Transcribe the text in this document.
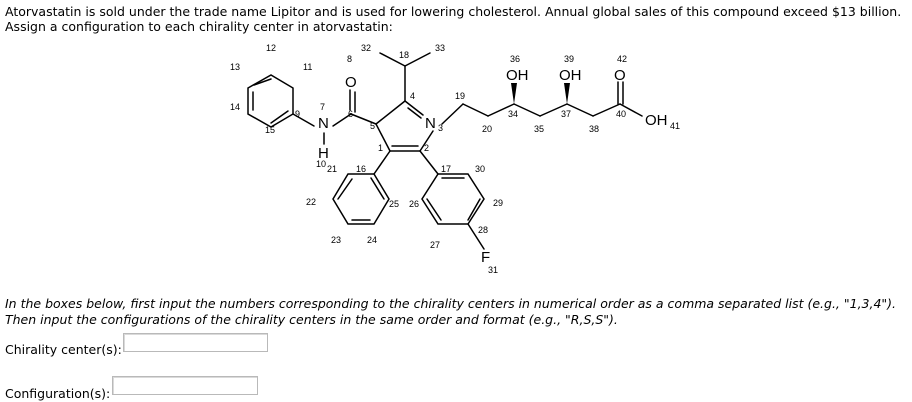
Atorvastatin is sold under the trade name Lipitor and is used for lowering cholesterol. Annual global sales of this compound exceed $13 billion. Assign a configuration to each chirality center in atorvastatin:

N
H
O
N
OH OH O
OH
F
12
13	11
14
9
7
15
10
8
6
32
18
33
4
5
1	2
3
19
20
36
34
35
39
37
38
42
40
41
21 16	17	30
22	25 26	29
23	24	27
28
31

In the boxes below, first input the numbers corresponding to the chirality centers in numerical order as a comma separated list (e.g., "1,3,4"). Then input the configurations of the chirality centers in the same order and format (e.g., "R,S,S").

Chirality center(s):
Configuration(s):
